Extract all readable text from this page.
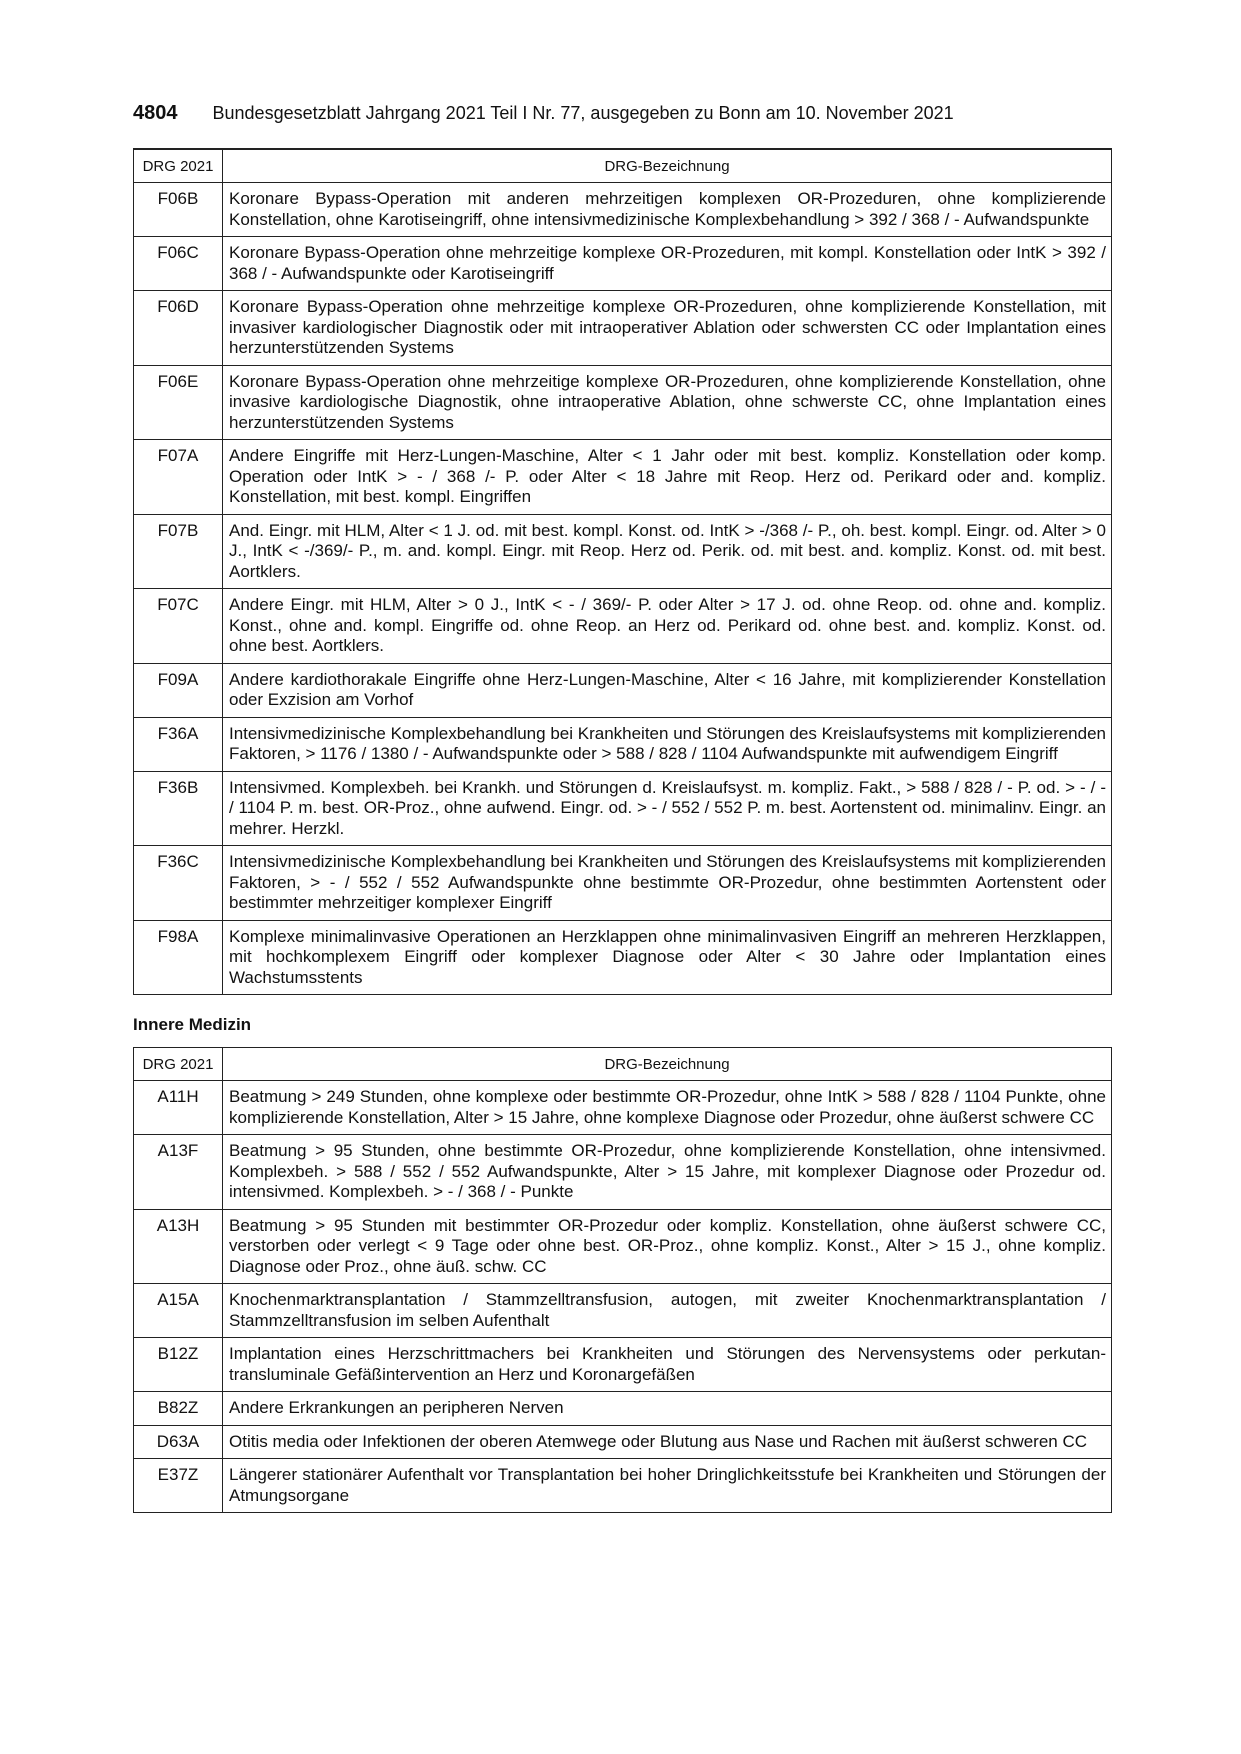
4804 Bundesgesetzblatt Jahrgang 2021 Teil I Nr. 77, ausgegeben zu Bonn am 10. November 2021
DRG 2021	DRG-Bezeichnung
F06B	Koronare Bypass-Operation mit anderen mehrzeitigen komplexen OR-Prozeduren, ohne komplizierende Konstellation, ohne Karotiseingriff, ohne intensivmedizinische Komplexbehandlung > 392 / 368 / - Aufwandspunkte
F06C	Koronare Bypass-Operation ohne mehrzeitige komplexe OR-Prozeduren, mit kompl. Konstellation oder IntK > 392 / 368 / - Aufwandspunkte oder Karotiseingriff
F06D	Koronare Bypass-Operation ohne mehrzeitige komplexe OR-Prozeduren, ohne komplizierende Konstellation, mit invasiver kardiologischer Diagnostik oder mit intraoperativer Ablation oder schwersten CC oder Implantation eines herzunterstützenden Systems
F06E	Koronare Bypass-Operation ohne mehrzeitige komplexe OR-Prozeduren, ohne komplizierende Konstellation, ohne invasive kardiologische Diagnostik, ohne intraoperative Ablation, ohne schwerste CC, ohne Implantation eines herzunterstützenden Systems
F07A	Andere Eingriffe mit Herz-Lungen-Maschine, Alter < 1 Jahr oder mit best. kompliz. Konstellation oder komp. Operation oder IntK > - / 368 /- P. oder Alter < 18 Jahre mit Reop. Herz od. Perikard oder and. kompliz. Konstellation, mit best. kompl. Eingriffen
F07B	And. Eingr. mit HLM, Alter < 1 J. od. mit best. kompl. Konst. od. IntK > -/368 /- P., oh. best. kompl. Eingr. od. Alter > 0 J., IntK < -/369/- P., m. and. kompl. Eingr. mit Reop. Herz od. Perik. od. mit best. and. kompliz. Konst. od. mit best. Aortklers.
F07C	Andere Eingr. mit HLM, Alter > 0 J., IntK < - / 369/- P. oder Alter > 17 J. od. ohne Reop. od. ohne and. kompliz. Konst., ohne and. kompl. Eingriffe od. ohne Reop. an Herz od. Perikard od. ohne best. and. kompliz. Konst. od. ohne best. Aortklers.
F09A	Andere kardiothorakale Eingriffe ohne Herz-Lungen-Maschine, Alter < 16 Jahre, mit komplizierender Konstellation oder Exzision am Vorhof
F36A	Intensivmedizinische Komplexbehandlung bei Krankheiten und Störungen des Kreislaufsystems mit komplizierenden Faktoren, > 1176 / 1380 / - Aufwandspunkte oder > 588 / 828 / 1104 Aufwandspunkte mit aufwendigem Eingriff
F36B	Intensivmed. Komplexbeh. bei Krankh. und Störungen d. Kreislaufsyst. m. kompliz. Fakt., > 588 / 828 / - P. od. > - / - / 1104 P. m. best. OR-Proz., ohne aufwend. Eingr. od. > - / 552 / 552 P. m. best. Aortenstent od. minimalinv. Eingr. an mehrer. Herzkl.
F36C	Intensivmedizinische Komplexbehandlung bei Krankheiten und Störungen des Kreislaufsystems mit komplizierenden Faktoren, > - / 552 / 552 Aufwandspunkte ohne bestimmte OR-Prozedur, ohne bestimmten Aortenstent oder bestimmter mehrzeitiger komplexer Eingriff
F98A	Komplexe minimalinvasive Operationen an Herzklappen ohne minimalinvasiven Eingriff an mehreren Herzklappen, mit hochkomplexem Eingriff oder komplexer Diagnose oder Alter < 30 Jahre oder Implantation eines Wachstumsstents
Innere Medizin
DRG 2021	DRG-Bezeichnung
A11H	Beatmung > 249 Stunden, ohne komplexe oder bestimmte OR-Prozedur, ohne IntK > 588 / 828 / 1104 Punkte, ohne komplizierende Konstellation, Alter > 15 Jahre, ohne komplexe Diagnose oder Prozedur, ohne äußerst schwere CC
A13F	Beatmung > 95 Stunden, ohne bestimmte OR-Prozedur, ohne komplizierende Konstellation, ohne intensivmed. Komplexbeh. > 588 / 552 / 552 Aufwandspunkte, Alter > 15 Jahre, mit komplexer Diagnose oder Prozedur od. intensivmed. Komplexbeh. > - / 368 / - Punkte
A13H	Beatmung > 95 Stunden mit bestimmter OR-Prozedur oder kompliz. Konstellation, ohne äußerst schwere CC, verstorben oder verlegt < 9 Tage oder ohne best. OR-Proz., ohne kompliz. Konst., Alter > 15 J., ohne kompliz. Diagnose oder Proz., ohne äuß. schw. CC
A15A	Knochenmarktransplantation / Stammzelltransfusion, autogen, mit zweiter Knochenmarktransplantation / Stammzelltransfusion im selben Aufenthalt
B12Z	Implantation eines Herzschrittmachers bei Krankheiten und Störungen des Nervensystems oder perkutan-transluminale Gefäßintervention an Herz und Koronargefäßen
B82Z	Andere Erkrankungen an peripheren Nerven
D63A	Otitis media oder Infektionen der oberen Atemwege oder Blutung aus Nase und Rachen mit äußerst schweren CC
E37Z	Längerer stationärer Aufenthalt vor Transplantation bei hoher Dringlichkeitsstufe bei Krankheiten und Störungen der Atmungsorgane
